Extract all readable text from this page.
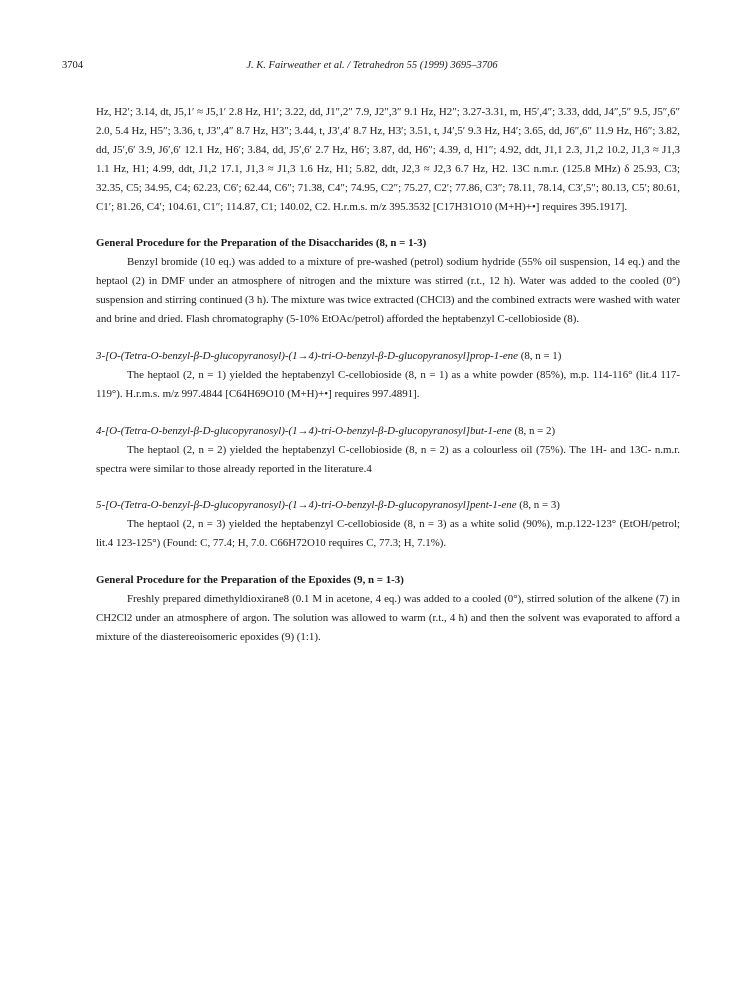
3704	J. K. Fairweather et al. / Tetrahedron 55 (1999) 3695–3706

Hz, H2′; 3.14, dt, J5,1′ ≈ J5,1′ 2.8 Hz, H1′; 3.22, dd, J1″,2″ 7.9, J2″,3″ 9.1 Hz, H2″; 3.27-3.31, m, H5′,4″; 3.33, ddd, J4″,5″ 9.5, J5″,6″ 2.0, 5.4 Hz, H5″; 3.36, t, J3″,4″ 8.7 Hz, H3″; 3.44, t, J3′,4′ 8.7 Hz, H3′; 3.51, t, J4′,5′ 9.3 Hz, H4′; 3.65, dd, J6″,6″ 11.9 Hz, H6″; 3.82, dd, J5′,6′ 3.9, J6′,6′ 12.1 Hz, H6′; 3.84, dd, J5′,6′ 2.7 Hz, H6′; 3.87, dd, H6″; 4.39, d, H1″; 4.92, ddt, J1,1 2.3, J1,2 10.2, J1,3 ≈ J1,3 1.1 Hz, H1; 4.99, ddt, J1,2 17.1, J1,3 ≈ J1,3 1.6 Hz, H1; 5.82, ddt, J2,3 ≈ J2,3 6.7 Hz, H2. 13C n.m.r. (125.8 MHz) δ 25.93, C3; 32.35, C5; 34.95, C4; 62.23, C6′; 62.44, C6″; 71.38, C4″; 74.95, C2″; 75.27, C2′; 77.86, C3″; 78.11, 78.14, C3′,5″; 80.13, C5′; 80.61, C1′; 81.26, C4′; 104.61, C1″; 114.87, C1; 140.02, C2. H.r.m.s. m/z 395.3532 [C17H31O10 (M+H)+•] requires 395.1917].

General Procedure for the Preparation of the Disaccharides (8, n = 1-3)

Benzyl bromide (10 eq.) was added to a mixture of pre-washed (petrol) sodium hydride (55% oil suspension, 14 eq.) and the heptaol (2) in DMF under an atmosphere of nitrogen and the mixture was stirred (r.t., 12 h). Water was added to the cooled (0°) suspension and stirring continued (3 h). The mixture was twice extracted (CHCl3) and the combined extracts were washed with water and brine and dried. Flash chromatography (5-10% EtOAc/petrol) afforded the heptabenzyl C-cellobioside (8).

3-[O-(Tetra-O-benzyl-β-D-glucopyranosyl)-(1→4)-tri-O-benzyl-β-D-glucopyranosyl]prop-1-ene (8, n = 1)

The heptaol (2, n = 1) yielded the heptabenzyl C-cellobioside (8, n = 1) as a white powder (85%), m.p. 114-116° (lit.4 117-119°). H.r.m.s. m/z 997.4844 [C64H69O10 (M+H)+•] requires 997.4891].

4-[O-(Tetra-O-benzyl-β-D-glucopyranosyl)-(1→4)-tri-O-benzyl-β-D-glucopyranosyl]but-1-ene (8, n = 2)

The heptaol (2, n = 2) yielded the heptabenzyl C-cellobioside (8, n = 2) as a colourless oil (75%). The 1H- and 13C- n.m.r. spectra were similar to those already reported in the literature.4

5-[O-(Tetra-O-benzyl-β-D-glucopyranosyl)-(1→4)-tri-O-benzyl-β-D-glucopyranosyl]pent-1-ene (8, n = 3)

The heptaol (2, n = 3) yielded the heptabenzyl C-cellobioside (8, n = 3) as a white solid (90%), m.p.122-123° (EtOH/petrol; lit.4 123-125°) (Found: C, 77.4; H, 7.0. C66H72O10 requires C, 77.3; H, 7.1%).

General Procedure for the Preparation of the Epoxides (9, n = 1-3)

Freshly prepared dimethyldioxirane8 (0.1 M in acetone, 4 eq.) was added to a cooled (0°), stirred solution of the alkene (7) in CH2Cl2 under an atmosphere of argon. The solution was allowed to warm (r.t., 4 h) and then the solvent was evaporated to afford a mixture of the diastereoisomeric epoxides (9) (1:1).
